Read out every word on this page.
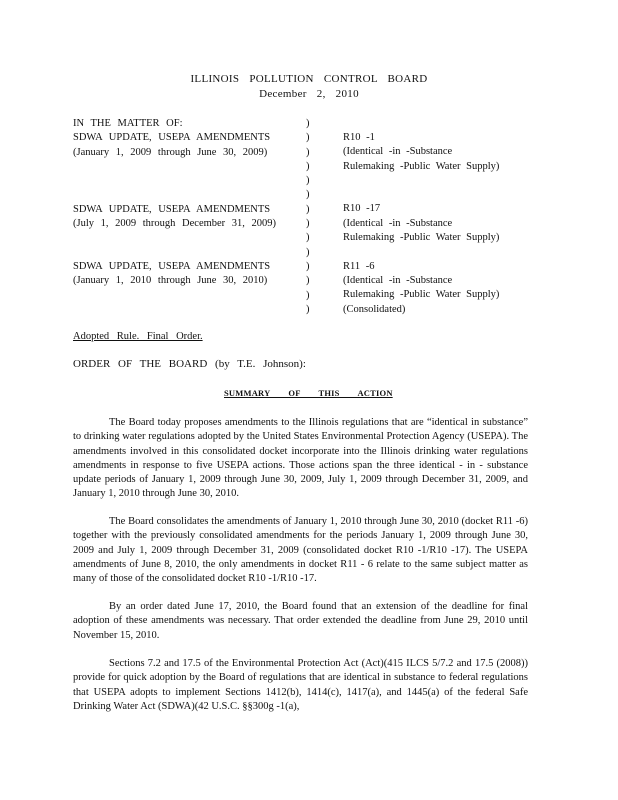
ILLINOIS POLLUTION CONTROL BOARD
December 2, 2010
IN THE MATTER OF:
SDWA UPDATE, USEPA AMENDMENTS
(January 1, 2009 through June 30, 2009)
SDWA UPDATE, USEPA AMENDMENTS
(July 1, 2009 through December 31, 2009)
SDWA UPDATE, USEPA AMENDMENTS
(January 1, 2010 through June 30, 2010)
)
)
)
)
)
)
)
)
)
)
)
)
)
)
R10 -1
(Identical -in -Substance
Rulemaking -Public Water Supply)
R10 -17
(Identical -in -Substance
Rulemaking -Public Water Supply)
R11 -6
(Identical -in -Substance
Rulemaking -Public Water Supply)
(Consolidated)
Adopted Rule. Final Order.
ORDER OF THE BOARD (by T.E. Johnson):
SUMMARY OF THIS ACTION
The Board today proposes amendments to the Illinois regulations that are “identical in substance” to drinking water regulations adopted by the United States Environmental Protection Agency (USEPA). The amendments involved in this consolidated docket incorporate into the Illinois drinking water regulations amendments in response to five USEPA actions. Those actions span the three identical - in - substance update periods of January 1, 2009 through June 30, 2009, July 1, 2009 through December 31, 2009, and January 1, 2010 through June 30, 2010.
The Board consolidates the amendments of January 1, 2010 through June 30, 2010 (docket R11 -6) together with the previously consolidated amendments for the periods January 1, 2009 through June 30, 2009 and July 1, 2009 through December 31, 2009 (consolidated docket R10 -1/R10 -17). The USEPA amendments of June 8, 2010, the only amendments in docket R11 - 6 relate to the same subject matter as many of those of the consolidated docket R10 -1/R10 -17.
By an order dated June 17, 2010, the Board found that an extension of the deadline for final adoption of these amendments was necessary. That order extended the deadline from June 29, 2010 until November 15, 2010.
Sections 7.2 and 17.5 of the Environmental Protection Act (Act)(415 ILCS 5/7.2 and 17.5 (2008)) provide for quick adoption by the Board of regulations that are identical in substance to federal regulations that USEPA adopts to implement Sections 1412(b), 1414(c), 1417(a), and 1445(a) of the federal Safe Drinking Water Act (SDWA)(42 U.S.C. §§300g -1(a),
